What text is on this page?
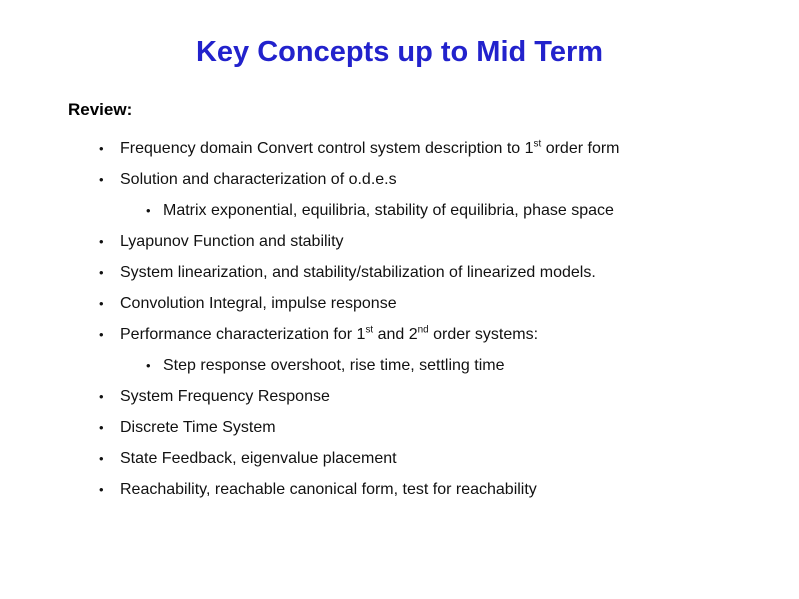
Key Concepts up to Mid Term
Review:
•	Frequency domain Convert control system description to 1st order form
•	Solution and characterization of o.d.e.s
• Matrix exponential, equilibria, stability of equilibria, phase space
•	Lyapunov Function and stability
•	System linearization, and stability/stabilization of linearized models.
•	Convolution Integral, impulse response
•	Performance characterization for 1st and 2nd order systems:
• Step response overshoot, rise time, settling time
•	System Frequency Response
•	Discrete Time System
•	State Feedback, eigenvalue placement
•	Reachability, reachable canonical form, test for reachability
